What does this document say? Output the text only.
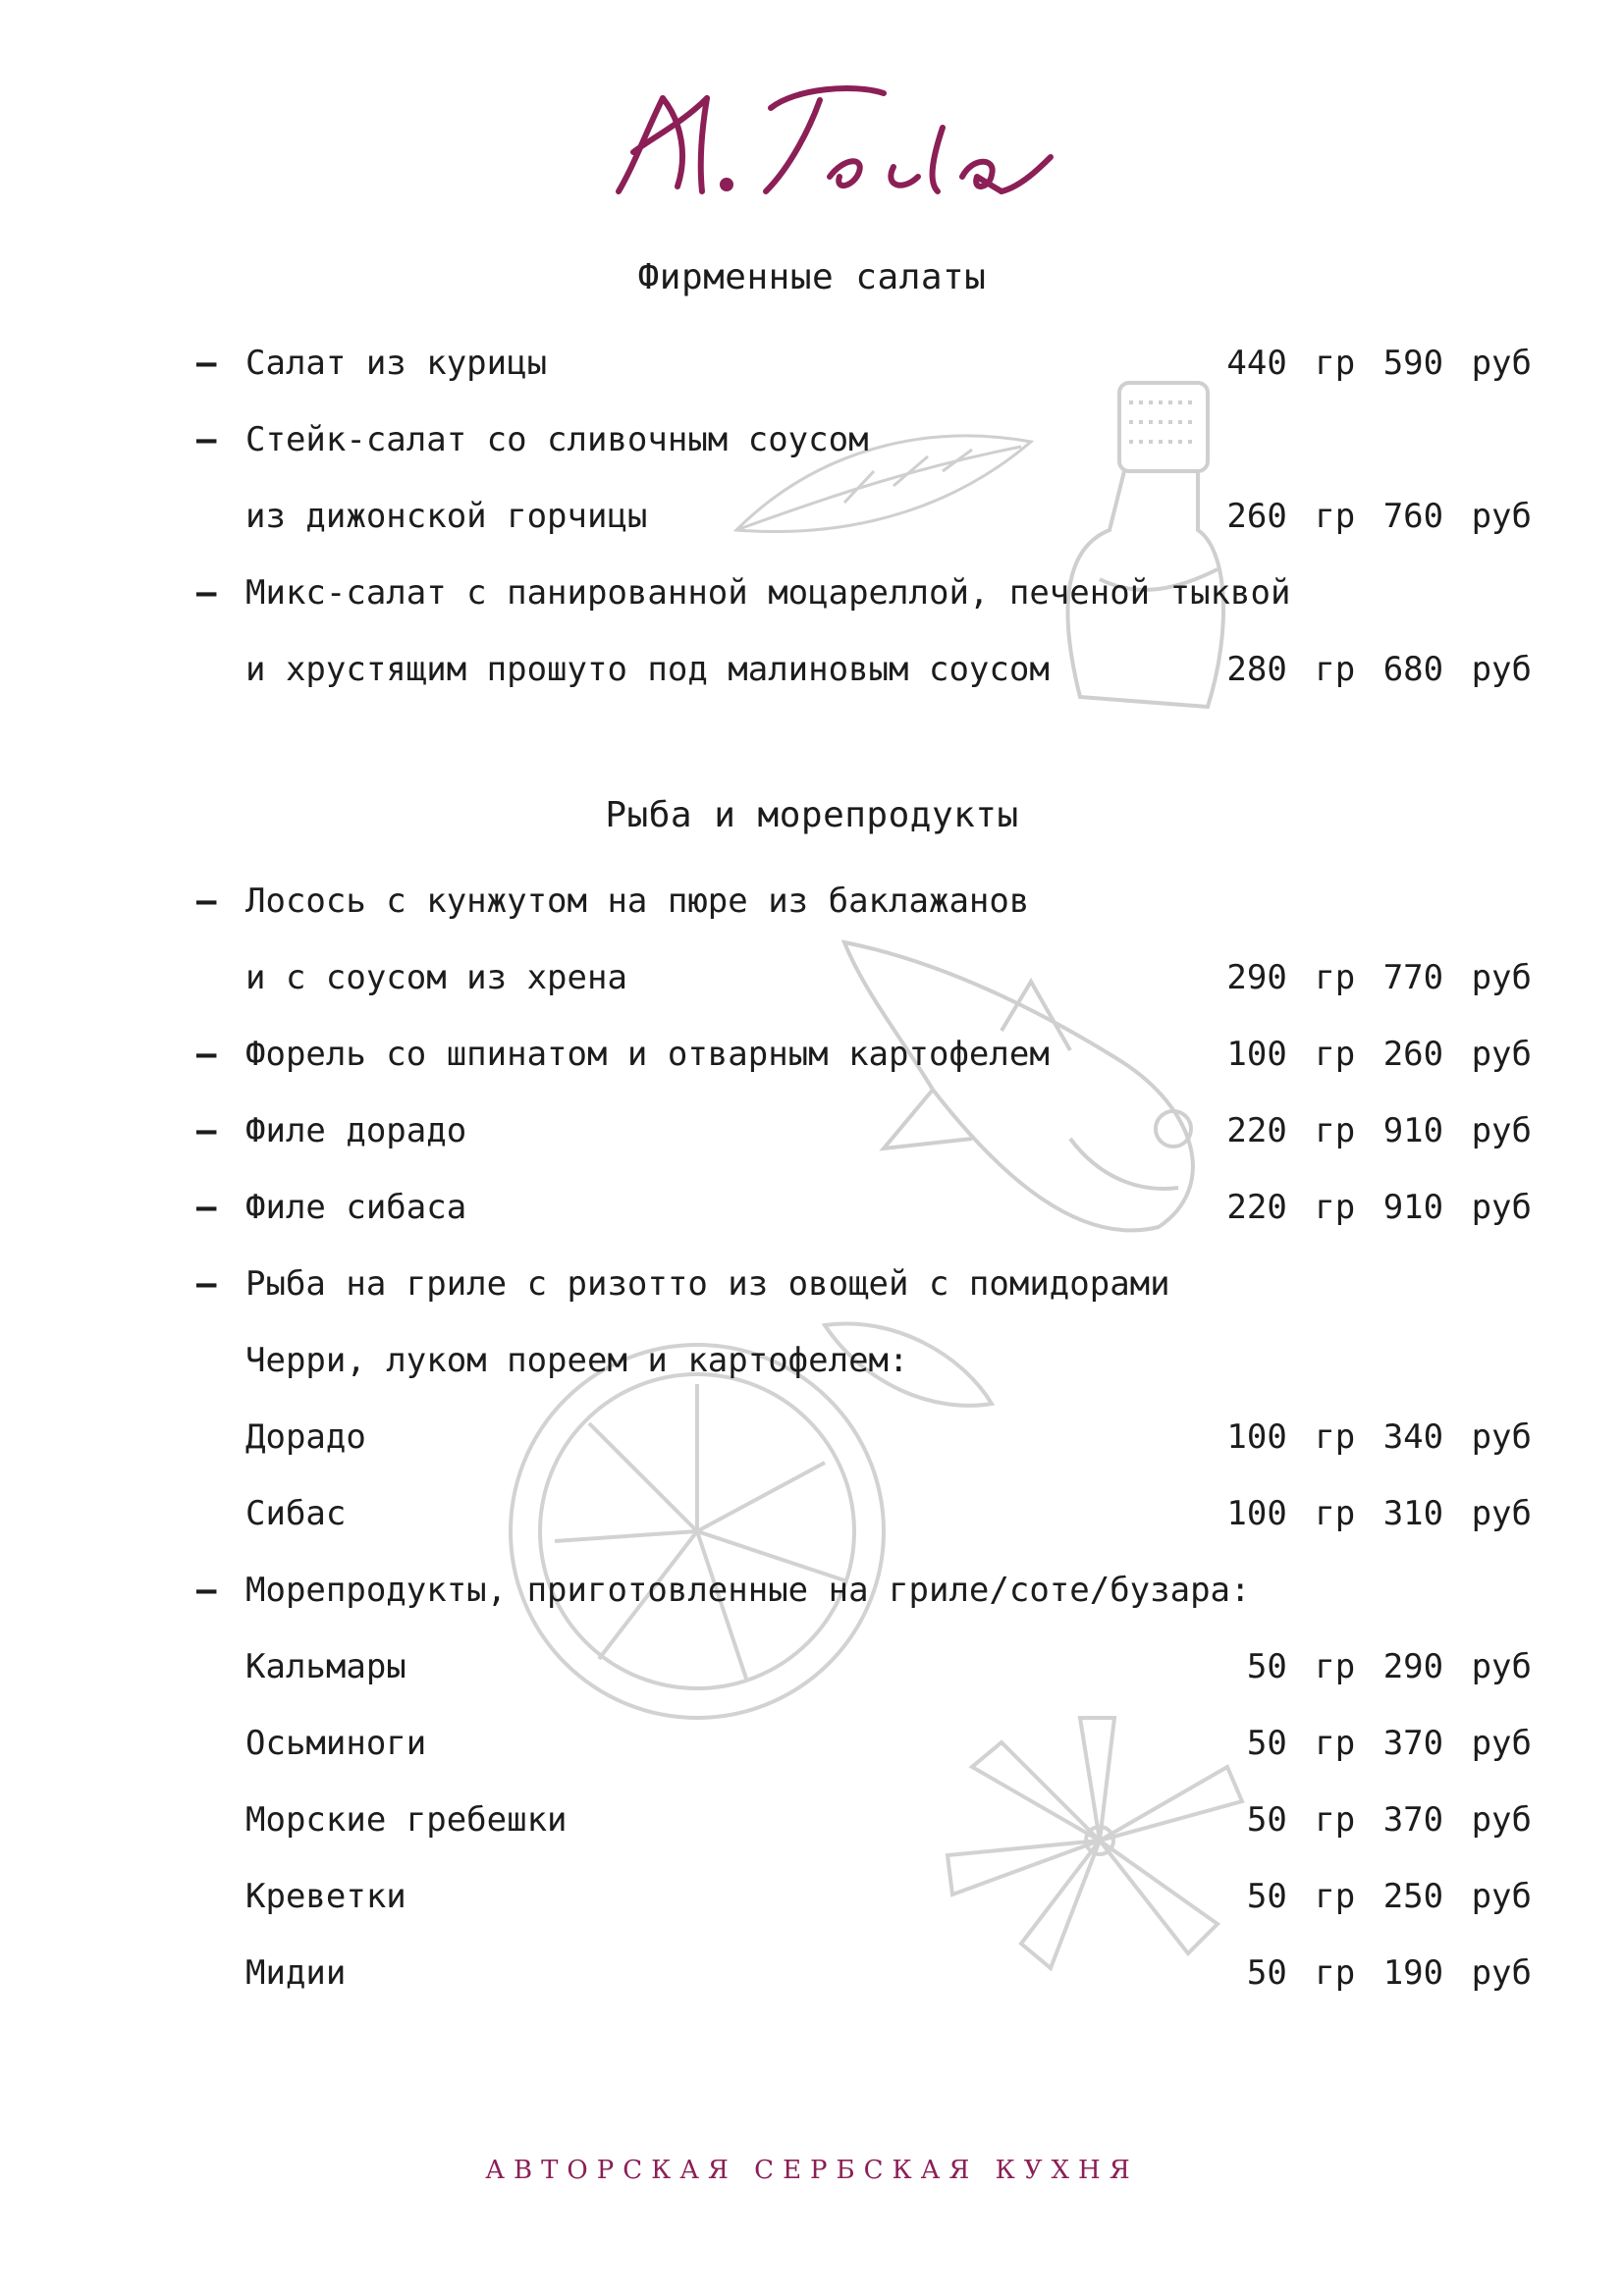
Фирменные салаты
– Салат из курицы	440 гр 590 руб
– Стейк-салат со сливочным соусом
из дижонской горчицы	260 гр 760 руб
– Микс-салат с панированной моцареллой, печеной тыквой
и хрустящим прошуто под малиновым соусом	280 гр 680 руб
Рыба и морепродукты
– Лосось с кунжутом на пюре из баклажанов
и с соусом из хрена	290 гр 770 руб
– Форель со шпинатом и отварным картофелем	100 гр 260 руб
– Филе дорадо	220 гр 910 руб
– Филе сибаса	220 гр 910 руб
– Рыба на гриле с ризотто из овощей с помидорами
Черри, луком пореем и картофелем:
Дорадо	100 гр 340 руб
Сибас	100 гр 310 руб
– Морепродукты, приготовленные на гриле/соте/бузара:
Кальмары	50 гр 290 руб
Осьминоги	50 гр 370 руб
Морские гребешки	50 гр 370 руб
Креветки	50 гр 250 руб
Мидии	50 гр 190 руб
АВТОРСКАЯ СЕРБСКАЯ КУХНЯ
